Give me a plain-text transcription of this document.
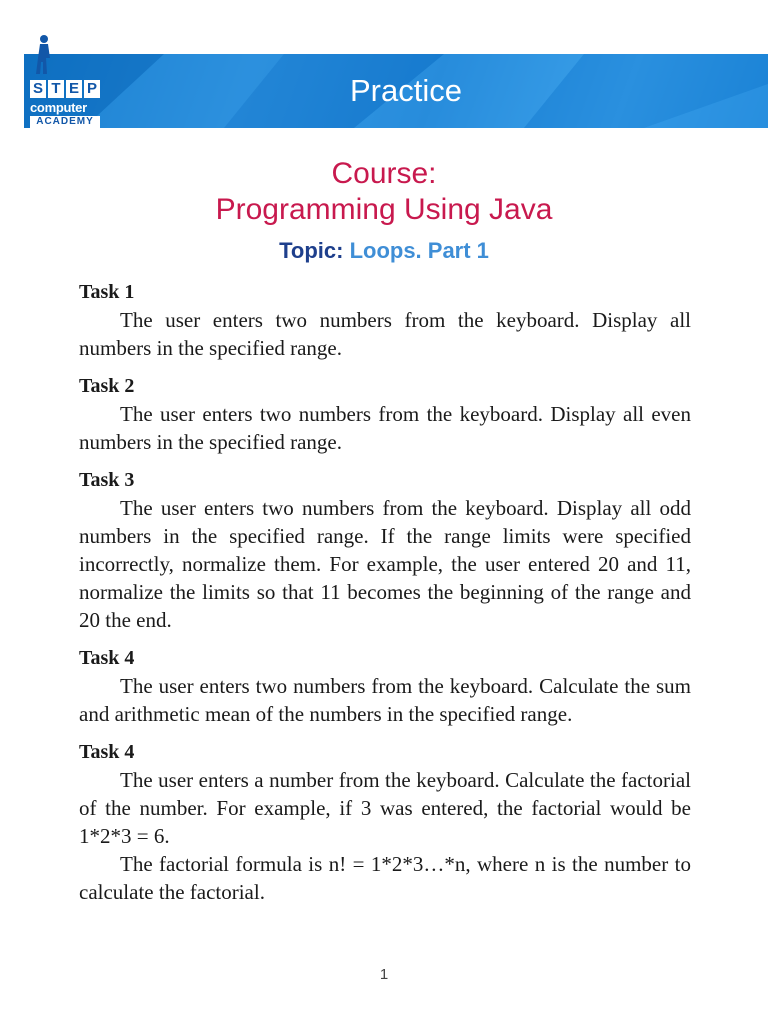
Practice
S T E P
computer
ACADEMY
Course:
Programming Using Java
Topic: Loops. Part 1
Task 1

The user enters two numbers from the keyboard. Display all numbers in the specified range.

Task 2

The user enters two numbers from the keyboard. Display all even numbers in the specified range.

Task 3

The user enters two numbers from the keyboard. Display all odd numbers in the specified range. If the range limits were specified incorrectly, normalize them. For example, the user entered 20 and 11, normalize the limits so that 11 becomes the beginning of the range and 20 the end.

Task 4

The user enters two numbers from the keyboard. Calculate the sum and arithmetic mean of the numbers in the specified range.

Task 4

The user enters a number from the keyboard. Calculate the factorial of the number. For example, if 3 was entered, the factorial would be 1*2*3 = 6.

The factorial formula is n! = 1*2*3…*n, where n is the number to calculate the factorial.

1
